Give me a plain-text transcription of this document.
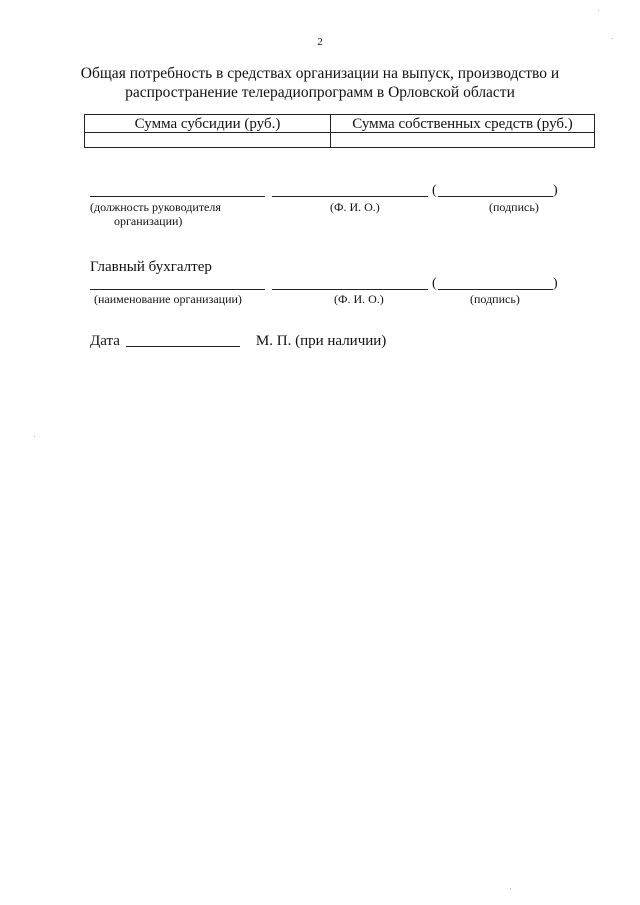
2
Общая потребность в средствах организации на выпуск, производство и распространение телерадиопрограмм в Орловской области
Сумма субсидии (руб.)	Сумма собственных средств (руб.)

(	)
(должность руководителя
организации)
(Ф. И. О.)	(подпись)
Главный бухгалтер
(	)
(наименование организации)	(Ф. И. О.)	(подпись)
Дата	М. П. (при наличии)
